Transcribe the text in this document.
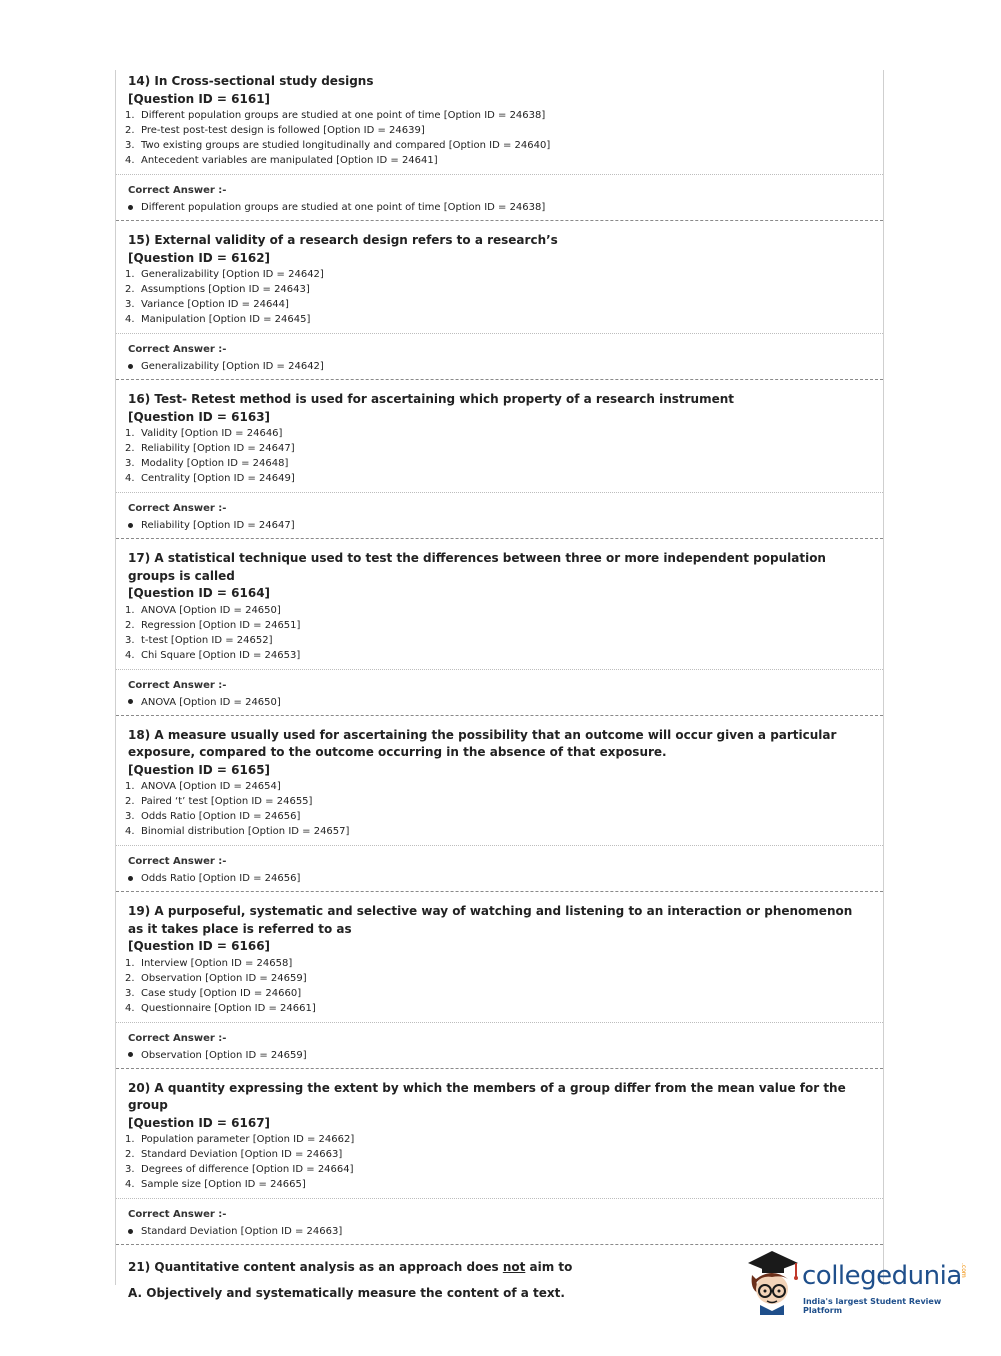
14) In Cross-sectional study designs
[Question ID = 6161]
1. Different population groups are studied at one point of time [Option ID = 24638]
2. Pre-test post-test design is followed [Option ID = 24639]
3. Two existing groups are studied longitudinally and compared [Option ID = 24640]
4. Antecedent variables are manipulated [Option ID = 24641]
Correct Answer :-
Different population groups are studied at one point of time [Option ID = 24638]
15) External validity of a research design refers to a research’s
[Question ID = 6162]
1. Generalizability [Option ID = 24642]
2. Assumptions [Option ID = 24643]
3. Variance [Option ID = 24644]
4. Manipulation [Option ID = 24645]
Correct Answer :-
Generalizability [Option ID = 24642]
16) Test- Retest method is used for ascertaining which property of a research instrument
[Question ID = 6163]
1. Validity [Option ID = 24646]
2. Reliability [Option ID = 24647]
3. Modality [Option ID = 24648]
4. Centrality [Option ID = 24649]
Correct Answer :-
Reliability [Option ID = 24647]
17) A statistical technique used to test the differences between three or more independent population groups is called
[Question ID = 6164]
1. ANOVA [Option ID = 24650]
2. Regression [Option ID = 24651]
3. t-test [Option ID = 24652]
4. Chi Square [Option ID = 24653]
Correct Answer :-
ANOVA [Option ID = 24650]
18) A measure usually used for ascertaining the possibility that an outcome will occur given a particular exposure, compared to the outcome occurring in the absence of that exposure.
[Question ID = 6165]
1. ANOVA [Option ID = 24654]
2. Paired ‘t’ test [Option ID = 24655]
3. Odds Ratio [Option ID = 24656]
4. Binomial distribution [Option ID = 24657]
Correct Answer :-
Odds Ratio [Option ID = 24656]
19) A purposeful, systematic and selective way of watching and listening to an interaction or phenomenon as it takes place is referred to as
[Question ID = 6166]
1. Interview [Option ID = 24658]
2. Observation [Option ID = 24659]
3. Case study [Option ID = 24660]
4. Questionnaire [Option ID = 24661]
Correct Answer :-
Observation [Option ID = 24659]
20) A quantity expressing the extent by which the members of a group differ from the mean value for the group
[Question ID = 6167]
1. Population parameter [Option ID = 24662]
2. Standard Deviation [Option ID = 24663]
3. Degrees of difference [Option ID = 24664]
4. Sample size [Option ID = 24665]
Correct Answer :-
Standard Deviation [Option ID = 24663]
21) Quantitative content analysis as an approach does not aim to
A. Objectively and systematically measure the content of a text.
collegedunia
.com
India's largest Student Review Platform
